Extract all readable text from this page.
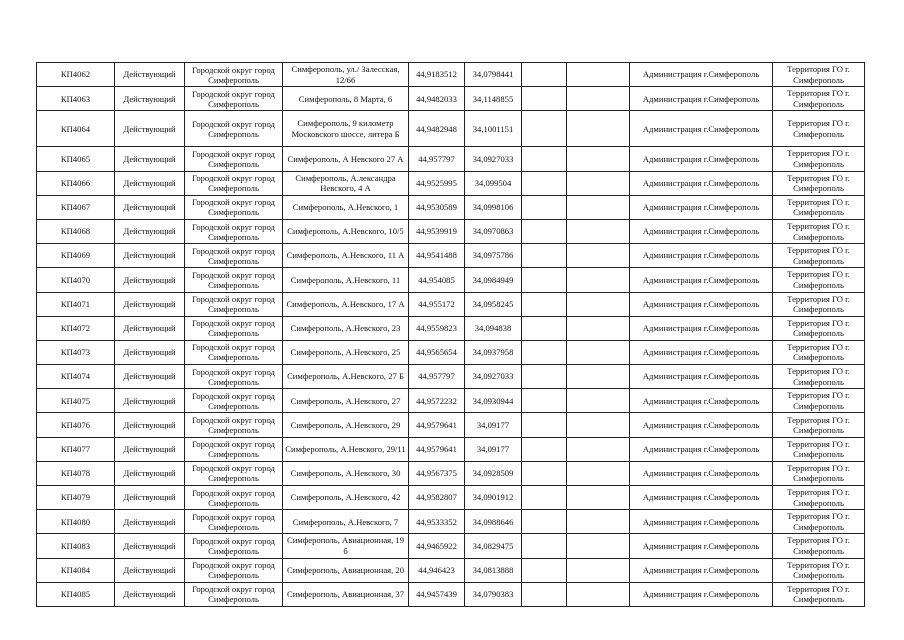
КП4062	Действующий	Городской округ город Симферополь	Симферополь, ул./ Залесская, 12/66	44,9183512	34,0798441			Администрация г.Симферополь	Территория ГО г. Симферополь
КП4063	Действующий	Городской округ город Симферополь	Симферополь, 8 Марта, 6	44,9482033	34,1148855			Администрация г.Симферополь	Территория ГО г. Симферополь
КП4064	Действующий	Городской округ город Симферополь	Симферополь, 9 километр Московского шоссе, литера Б	44,9482948	34,1001151			Администрация г.Симферополь	Территория ГО г. Симферополь
КП4065	Действующий	Городской округ город Симферополь	Симферополь, А Невского 27 А	44,957797	34,0927033			Администрация г.Симферополь	Территория ГО г. Симферополь
КП4066	Действующий	Городской округ город Симферополь	Симферополь, А.лександра Невского, 4 А	44,9525995	34,099504			Администрация г.Симферополь	Территория ГО г. Симферополь
КП4067	Действующий	Городской округ город Симферополь	Симферополь, А.Невского, 1	44,9530589	34,0998106			Администрация г.Симферополь	Территория ГО г. Симферополь
КП4068	Действующий	Городской округ город Симферополь	Симферополь, А.Невского, 10/5	44,9539919	34,0970863			Администрация г.Симферополь	Территория ГО г. Симферополь
КП4069	Действующий	Городской округ город Симферополь	Симферополь, А.Невского, 11 А	44,9541488	34,0975786			Администрация г.Симферополь	Территория ГО г. Симферополь
КП4070	Действующий	Городской округ город Симферополь	Симферополь, А.Невского, 11	44,954085	34,0984949			Администрация г.Симферополь	Территория ГО г. Симферополь
КП4071	Действующий	Городской округ город Симферополь	Симферополь, А.Невского, 17 А	44,955172	34,0958245			Администрация г.Симферополь	Территория ГО г. Симферополь
КП4072	Действующий	Городской округ город Симферополь	Симферополь, А.Невского, 23	44,9559823	34,094838			Администрация г.Симферополь	Территория ГО г. Симферополь
КП4073	Действующий	Городской округ город Симферополь	Симферополь, А.Невского, 25	44,9565654	34,0937958			Администрация г.Симферополь	Территория ГО г. Симферополь
КП4074	Действующий	Городской округ город Симферополь	Симферополь, А.Невского, 27 Б	44,957797	34,0927033			Администрация г.Симферополь	Территория ГО г. Симферополь
КП4075	Действующий	Городской округ город Симферополь	Симферополь, А.Невского, 27	44,9572232	34,0930944			Администрация г.Симферополь	Территория ГО г. Симферополь
КП4076	Действующий	Городской округ город Симферополь	Симферополь, А.Невского, 29	44,9579641	34,09177			Администрация г.Симферополь	Территория ГО г. Симферополь
КП4077	Действующий	Городской округ город Симферополь	Симферополь, А.Невского, 29/11	44,9579641	34,09177			Администрация г.Симферополь	Территория ГО г. Симферополь
КП4078	Действующий	Городской округ город Симферополь	Симферополь, А.Невского, 30	44,9567375	34,0928509			Администрация г.Симферополь	Территория ГО г. Симферополь
КП4079	Действующий	Городской округ город Симферополь	Симферополь, А.Невского, 42	44,9582807	34,0901912			Администрация г.Симферополь	Территория ГО г. Симферополь
КП4080	Действующий	Городской округ город Симферополь	Симферополь, А.Невского, 7	44,9533352	34,0988646			Администрация г.Симферополь	Территория ГО г. Симферополь
КП4083	Действующий	Городской округ город Симферополь	Симферополь, Авиационная, 19 б	44,9465922	34,0829475			Администрация г.Симферополь	Территория ГО г. Симферополь
КП4084	Действующий	Городской округ город Симферополь	Симферополь, Авиационная, 20	44,946423	34,0813888			Администрация г.Симферополь	Территория ГО г. Симферополь
КП4085	Действующий	Городской округ город Симферополь	Симферополь, Авиационная, 37	44,9457439	34,0790383			Администрация г.Симферополь	Территория ГО г. Симферополь
